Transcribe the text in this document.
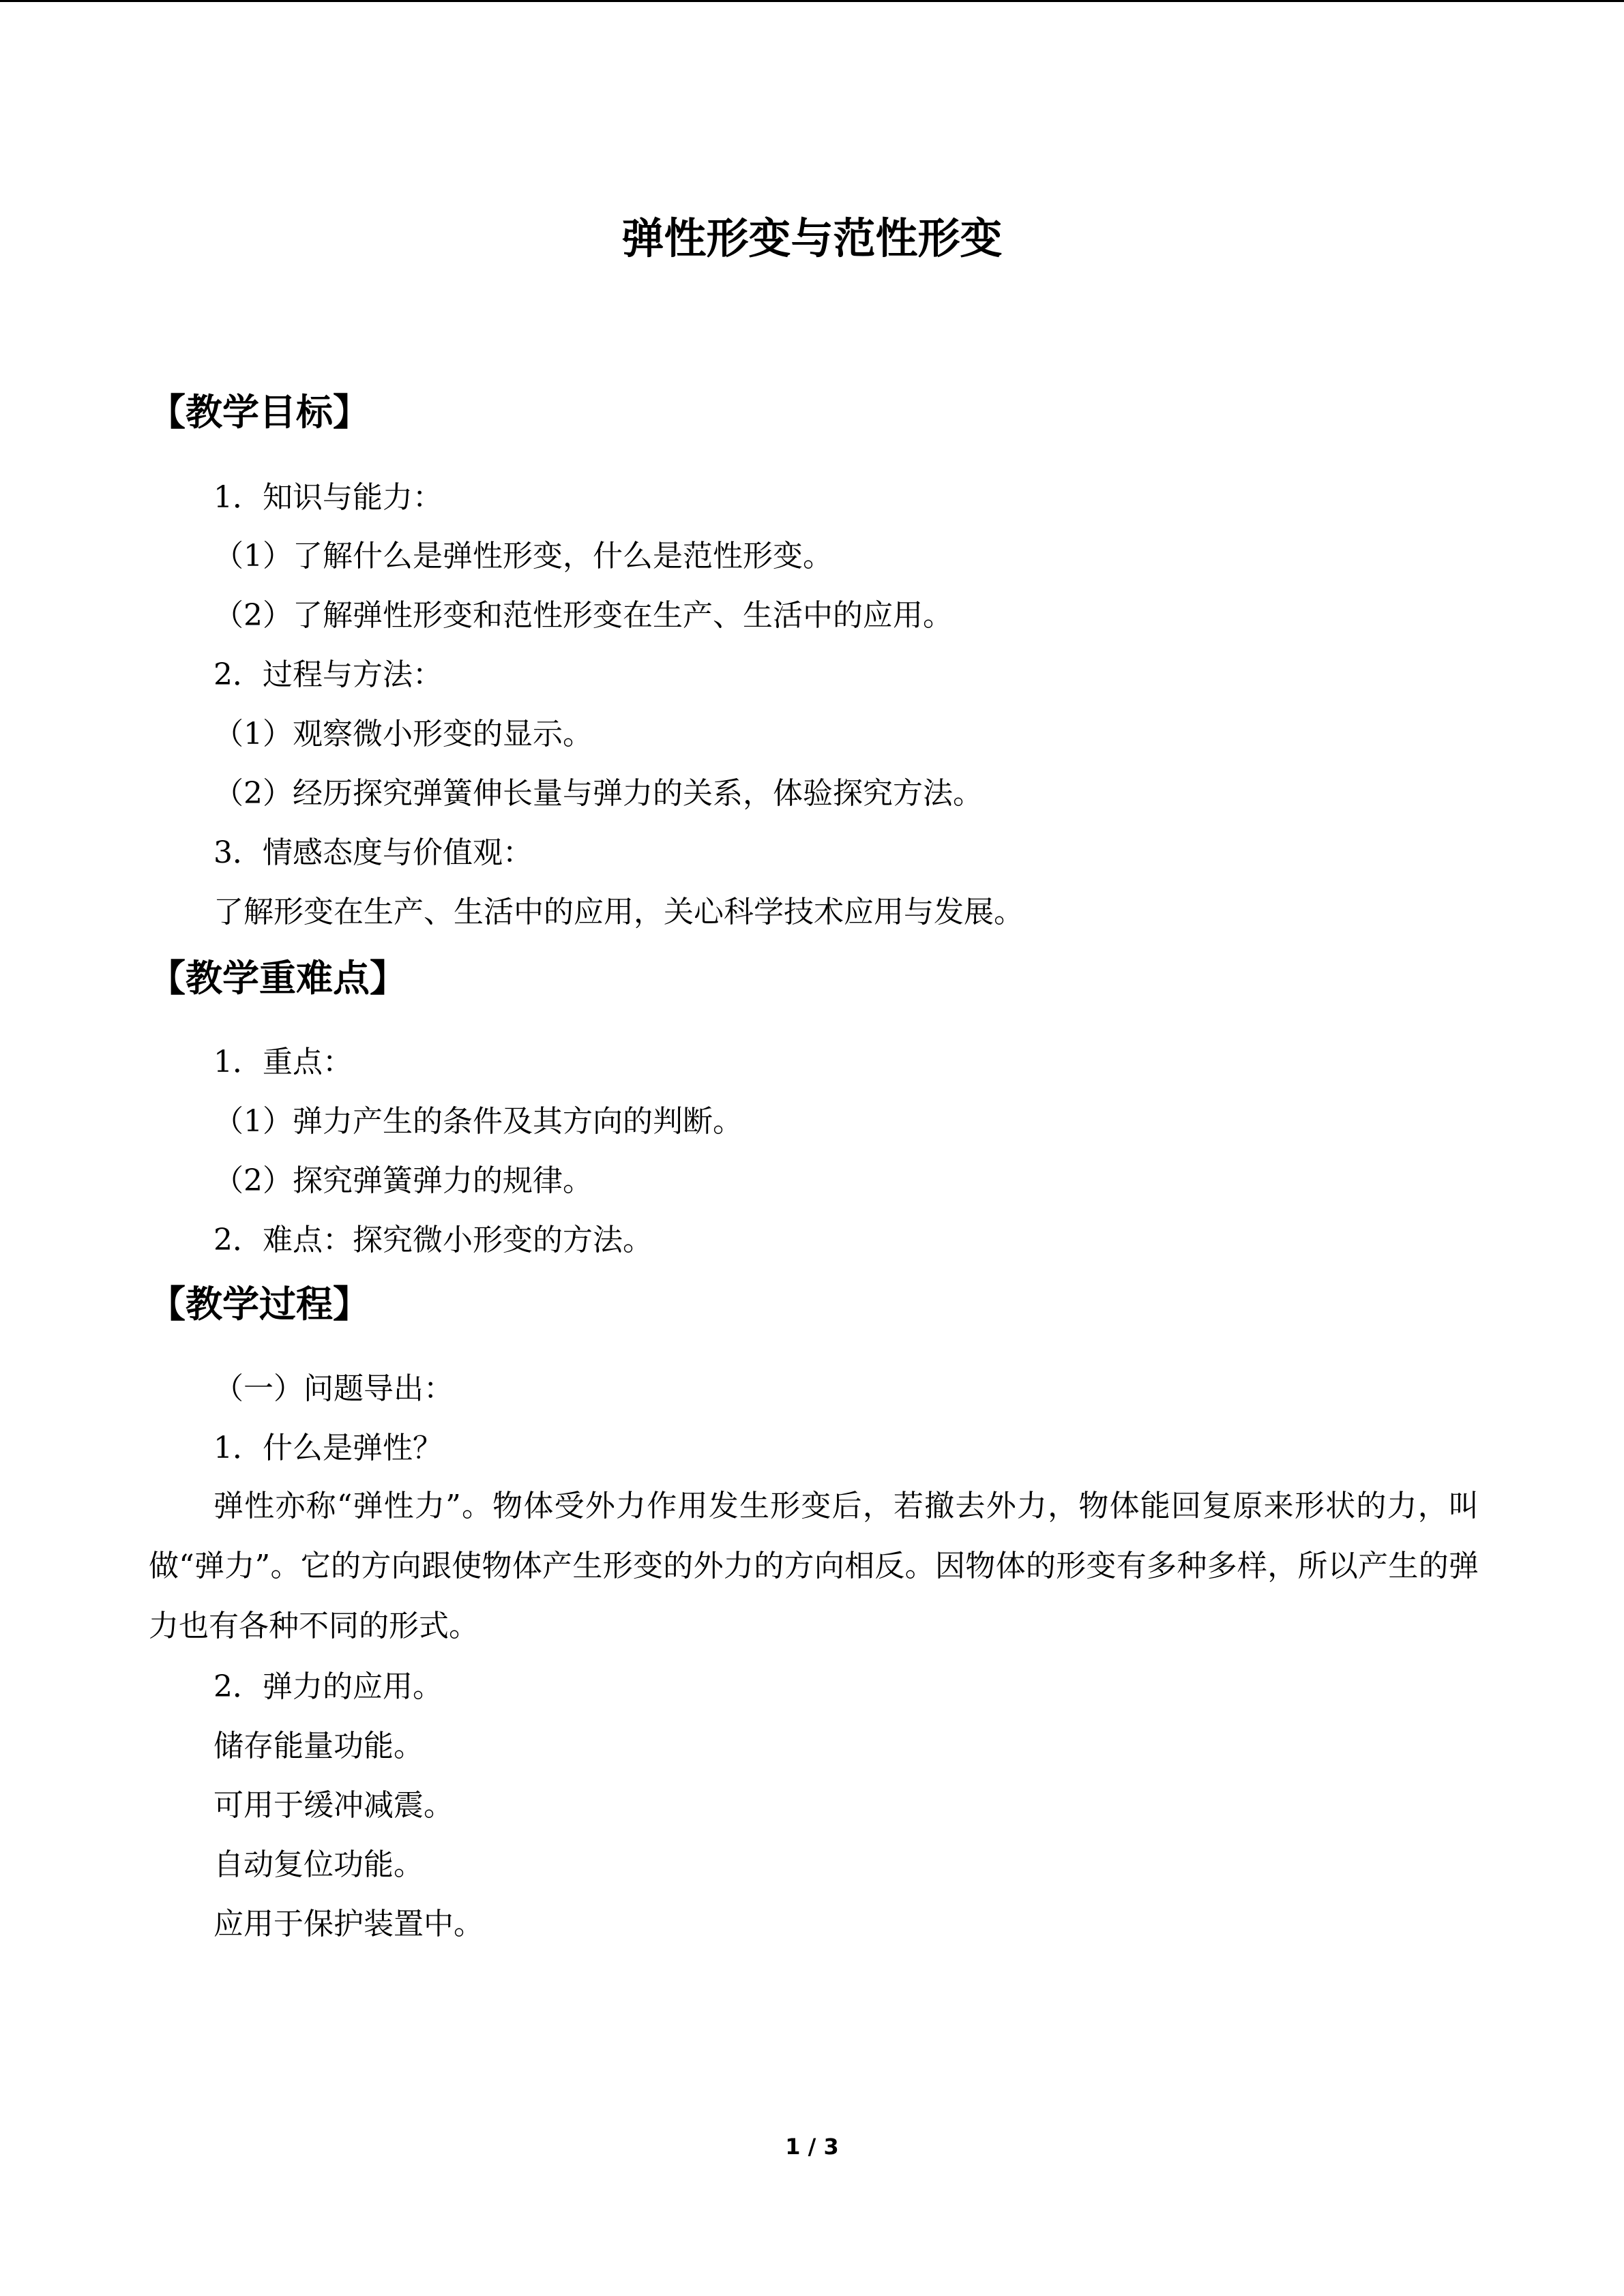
弹性形变与范性形变
【教学目标】
1．知识与能力：
（1）了解什么是弹性形变，什么是范性形变。
（2）了解弹性形变和范性形变在生产、生活中的应用。
2．过程与方法：
（1）观察微小形变的显示。
（2）经历探究弹簧伸长量与弹力的关系，体验探究方法。
3．情感态度与价值观：
了解形变在生产、生活中的应用，关心科学技术应用与发展。
【教学重难点】
1．重点：
（1）弹力产生的条件及其方向的判断。
（2）探究弹簧弹力的规律。
2．难点：探究微小形变的方法。
【教学过程】
（一）问题导出：
1．什么是弹性？
弹性亦称“弹性力”。物体受外力作用发生形变后，若撤去外力，物体能回复原来形状的力，叫做“弹力”。它的方向跟使物体产生形变的外力的方向相反。因物体的形变有多种多样，所以产生的弹力也有各种不同的形式。
2．弹力的应用。
储存能量功能。
可用于缓冲减震。
自动复位功能。
应用于保护装置中。
1 / 3
